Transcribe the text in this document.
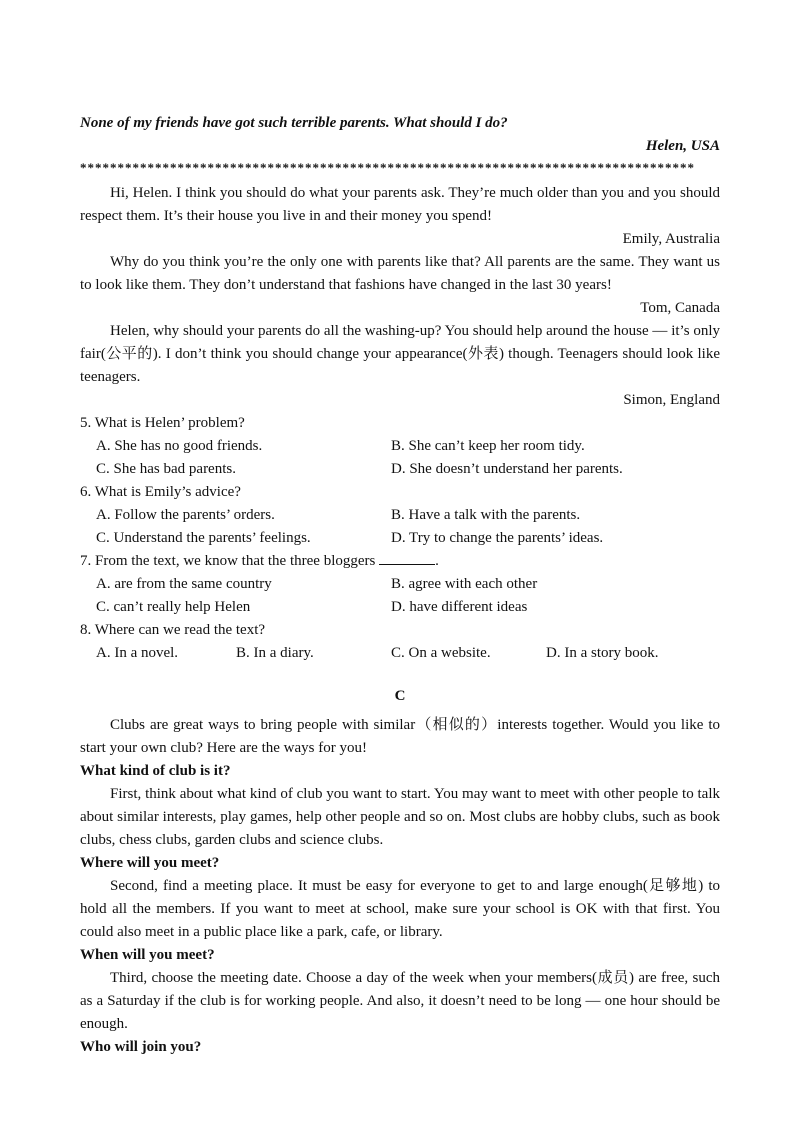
None of my friends have got such terrible parents. What should I do?

Helen, USA

**********************************************************************************

Hi, Helen. I think you should do what your parents ask. They’re much older than you and you should respect them. It’s their house you live in and their money you spend!

Emily, Australia

Why do you think you’re the only one with parents like that? All parents are the same. They want us to look like them. They don’t understand that fashions have changed in the last 30 years!

Tom, Canada

Helen, why should your parents do all the washing-up? You should help around the house — it’s only fair(公平的). I don’t think you should change your appearance(外表) though. Teenagers should look like teenagers.

Simon, England

5. What is Helen’ problem?

A. She has no good friends.	B. She can’t keep her room tidy.

C. She has bad parents.	D. She doesn’t understand her parents.

6. What is Emily’s advice?

A. Follow the parents’ orders.	B. Have a talk with the parents.

C. Understand the parents’ feelings.	D. Try to change the parents’ ideas.

7. From the text, we know that the three bloggers	.

A. are from the same country	B. agree with each other

C. can’t really help Helen	D. have different ideas

8. Where can we read the text?

A. In a novel.	B. In a diary.	C. On a website.	D. In a story book.

C

Clubs are great ways to bring people with similar（相似的）interests together. Would you like to start your own club? Here are the ways for you!

What kind of club is it?

First, think about what kind of club you want to start. You may want to meet with other people to talk about similar interests, play games, help other people and so on. Most clubs are hobby clubs, such as book clubs, chess clubs, garden clubs and science clubs.

Where will you meet?

Second, find a meeting place. It must be easy for everyone to get to and large enough(足够地) to hold all the members. If you want to meet at school, make sure your school is OK with that first. You could also meet in a public place like a park, cafe, or library.

When will you meet?

Third, choose the meeting date. Choose a day of the week when your members(成员) are free, such as a Saturday if the club is for working people. And also, it doesn’t need to be long — one hour should be enough.

Who will join you?
